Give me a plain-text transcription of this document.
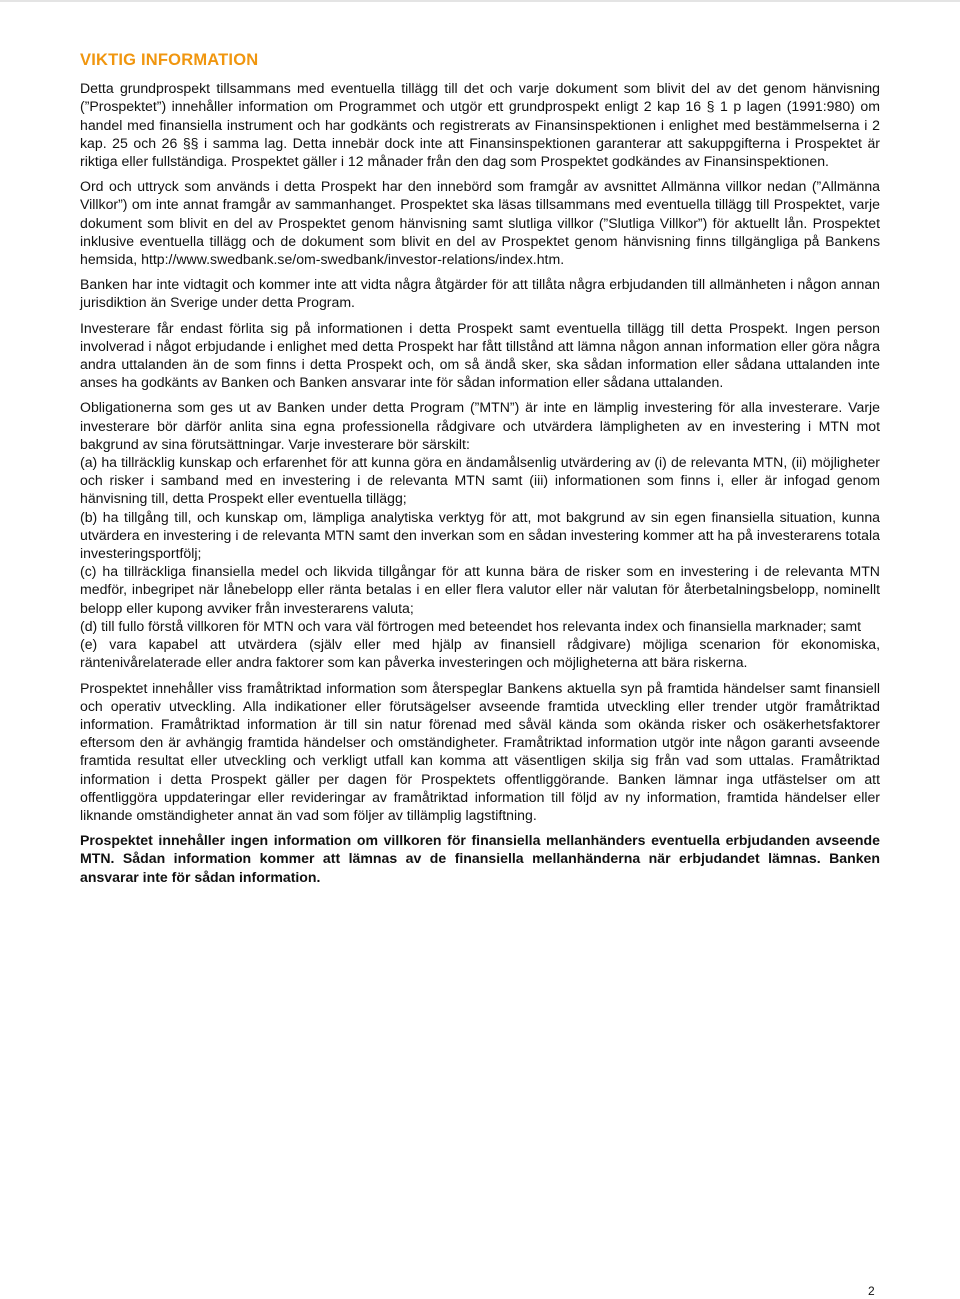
VIKTIG INFORMATION

Detta grundprospekt tillsammans med eventuella tillägg till det och varje dokument som blivit del av det genom hänvisning (”Prospektet”) innehåller information om Programmet och utgör ett grundprospekt enligt 2 kap 16 § 1 p lagen (1991:980) om handel med finansiella instrument och har godkänts och registrerats av Finansinspektionen i enlighet med bestämmelserna i 2 kap. 25 och 26 §§ i samma lag. Detta innebär dock inte att Finansinspektionen garanterar att sakuppgifterna i Prospektet är riktiga eller fullständiga. Prospektet gäller i 12 månader från den dag som Prospektet godkändes av Finansinspektionen.

Ord och uttryck som används i detta Prospekt har den innebörd som framgår av avsnittet Allmänna villkor nedan (”Allmänna Villkor”) om inte annat framgår av sammanhanget. Prospektet ska läsas tillsammans med eventuella tillägg till Prospektet, varje dokument som blivit en del av Prospektet genom hänvisning samt slutliga villkor (”Slutliga Villkor”) för aktuellt lån. Prospektet inklusive eventuella tillägg och de dokument som blivit en del av Prospektet genom hänvisning finns tillgängliga på Bankens hemsida, http://www.swedbank.se/om-swedbank/investor-relations/index.htm.

Banken har inte vidtagit och kommer inte att vidta några åtgärder för att tillåta några erbjudanden till allmänheten i någon annan jurisdiktion än Sverige under detta Program.

Investerare får endast förlita sig på informationen i detta Prospekt samt eventuella tillägg till detta Prospekt. Ingen person involverad i något erbjudande i enlighet med detta Prospekt har fått tillstånd att lämna någon annan information eller göra några andra uttalanden än de som finns i detta Prospekt och, om så ändå sker, ska sådan information eller sådana uttalanden inte anses ha godkänts av Banken och Banken ansvarar inte för sådan information eller sådana uttalanden.

Obligationerna som ges ut av Banken under detta Program (”MTN”) är inte en lämplig investering för alla investerare. Varje investerare bör därför anlita sina egna professionella rådgivare och utvärdera lämpligheten av en investering i MTN mot bakgrund av sina förutsättningar. Varje investerare bör särskilt:
(a) ha tillräcklig kunskap och erfarenhet för att kunna göra en ändamålsenlig utvärdering av (i) de relevanta MTN, (ii) möjligheter och risker i samband med en investering i de relevanta MTN samt (iii) informationen som finns i, eller är infogad genom hänvisning till, detta Prospekt eller eventuella tillägg;
(b) ha tillgång till, och kunskap om, lämpliga analytiska verktyg för att, mot bakgrund av sin egen finansiella situation, kunna utvärdera en investering i de relevanta MTN samt den inverkan som en sådan investering kommer att ha på investerarens totala investeringsportfölj;
(c) ha tillräckliga finansiella medel och likvida tillgångar för att kunna bära de risker som en investering i de relevanta MTN medför, inbegripet när lånebelopp eller ränta betalas i en eller flera valutor eller när valutan för återbetalningsbelopp, nominellt belopp eller kupong avviker från investerarens valuta;
(d) till fullo förstå villkoren för MTN och vara väl förtrogen med beteendet hos relevanta index och finansiella marknader; samt
(e) vara kapabel att utvärdera (själv eller med hjälp av finansiell rådgivare) möjliga scenarion för ekonomiska, räntenivårelaterade eller andra faktorer som kan påverka investeringen och möjligheterna att bära riskerna.

Prospektet innehåller viss framåtriktad information som återspeglar Bankens aktuella syn på framtida händelser samt finansiell och operativ utveckling. Alla indikationer eller förutsägelser avseende framtida utveckling eller trender utgör framåtriktad information. Framåtriktad information är till sin natur förenad med såväl kända som okända risker och osäkerhetsfaktorer eftersom den är avhängig framtida händelser och omständigheter. Framåtriktad information utgör inte någon garanti avseende framtida resultat eller utveckling och verkligt utfall kan komma att väsentligen skilja sig från vad som uttalas. Framåtriktad information i detta Prospekt gäller per dagen för Prospektets offentliggörande. Banken lämnar inga utfästelser om att offentliggöra uppdateringar eller revideringar av framåtriktad information till följd av ny information, framtida händelser eller liknande omständigheter annat än vad som följer av tillämplig lagstiftning.

Prospektet innehåller ingen information om villkoren för finansiella mellanhänders eventuella erbjudanden avseende MTN. Sådan information kommer att lämnas av de finansiella mellanhänderna när erbjudandet lämnas. Banken ansvarar inte för sådan information.

2
